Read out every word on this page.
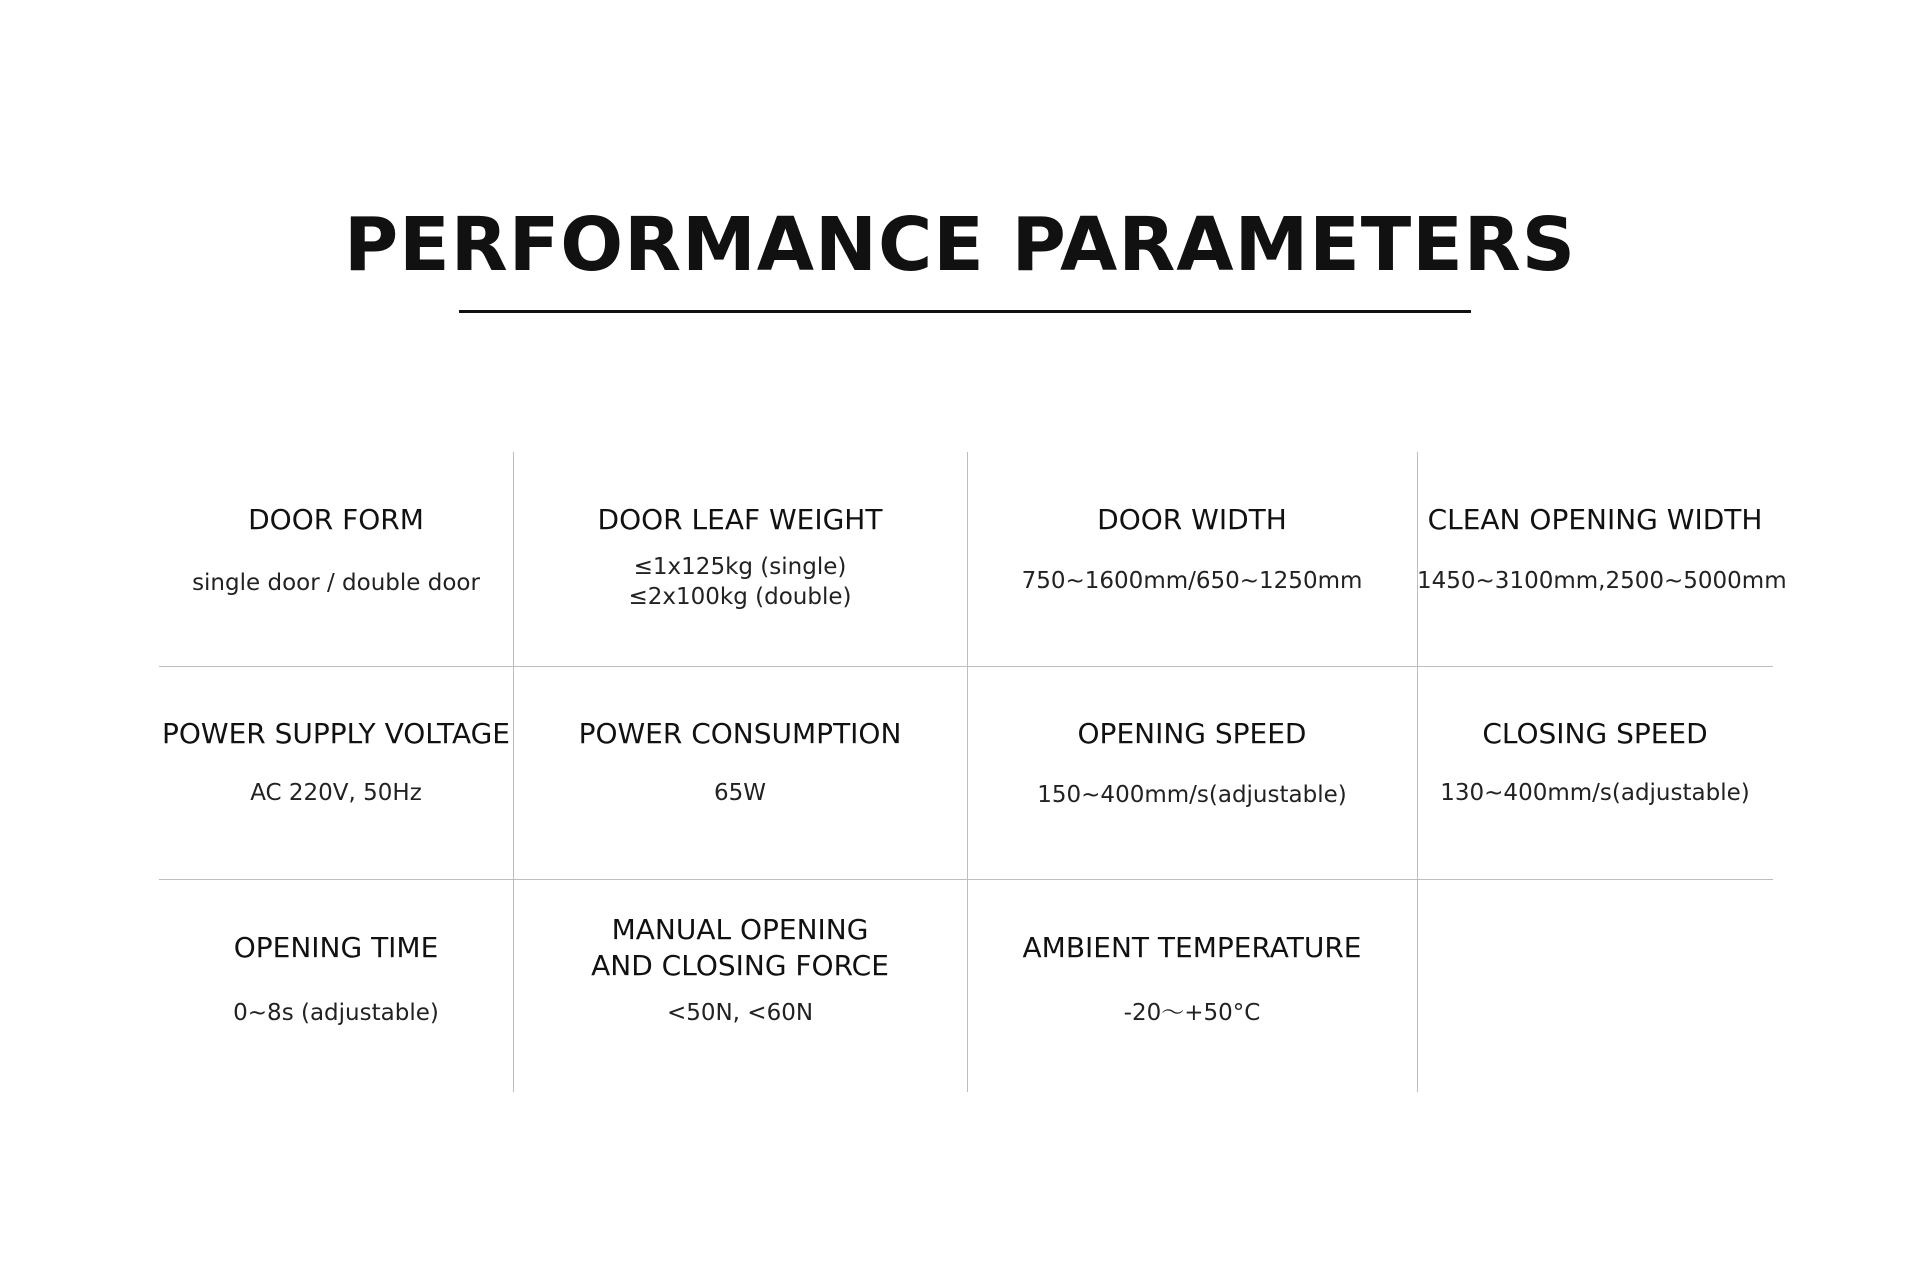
PERFORMANCE PARAMETERS
DOOR FORM
single door / double door
DOOR LEAF WEIGHT
≤1x125kg (single)
≤2x100kg (double)
DOOR WIDTH
750~1600mm/650~1250mm
CLEAN OPENING WIDTH
1450~3100mm,2500~5000mm
POWER SUPPLY VOLTAGE
AC 220V, 50Hz
POWER CONSUMPTION
65W
OPENING SPEED
150~400mm/s(adjustable)
CLOSING SPEED
130~400mm/s(adjustable)
OPENING TIME
0~8s (adjustable)
MANUAL OPENING
AND CLOSING FORCE
<50N, <60N
AMBIENT TEMPERATURE
-20～+50°C
